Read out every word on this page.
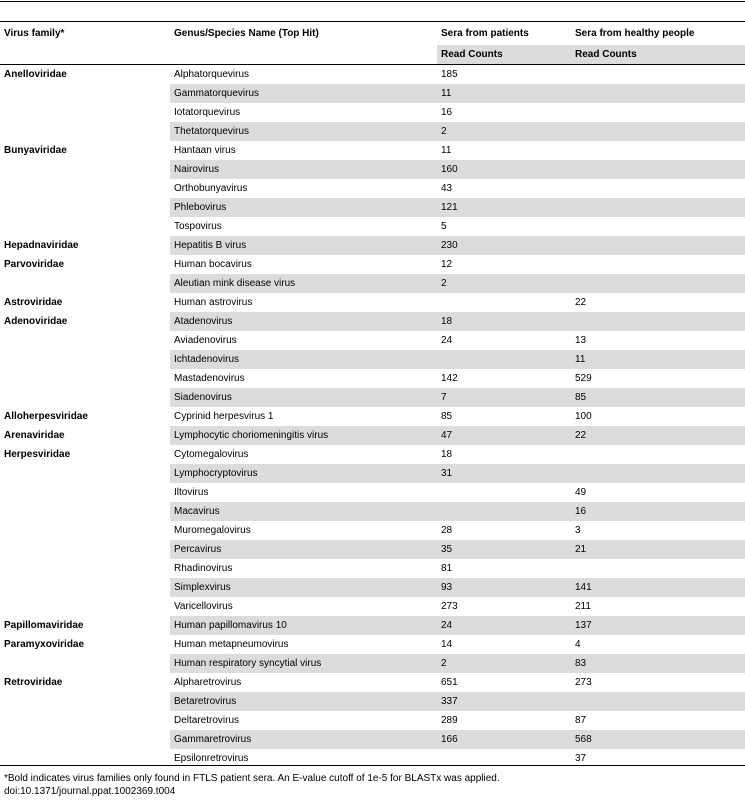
Virus family*	Genus/Species Name (Top Hit)	Sera from patients	Sera from healthy people
		Read Counts	Read Counts
Anelloviridae	Alphatorquevirus	185	
	Gammatorquevirus	11	
	Iotatorquevirus	16	
	Thetatorquevirus	2	
Bunyaviridae	Hantaan virus	11	
	Nairovirus	160	
	Orthobunyavirus	43	
	Phlebovirus	121	
	Tospovirus	5	
Hepadnaviridae	Hepatitis B virus	230	
Parvoviridae	Human bocavirus	12	
	Aleutian mink disease virus	2	
Astroviridae	Human astrovirus		22
Adenoviridae	Atadenovirus	18	
	Aviadenovirus	24	13
	Ichtadenovirus		11
	Mastadenovirus	142	529
	Siadenovirus	7	85
Alloherpesviridae	Cyprinid herpesvirus 1	85	100
Arenaviridae	Lymphocytic choriomeningitis virus	47	22
Herpesviridae	Cytomegalovirus	18	
	Lymphocryptovirus	31	
	Iltovirus		49
	Macavirus		16
	Muromegalovirus	28	3
	Percavirus	35	21
	Rhadinovirus	81	
	Simplexvirus	93	141
	Varicellovirus	273	211
Papillomaviridae	Human papillomavirus 10	24	137
Paramyxoviridae	Human metapneumovirus	14	4
	Human respiratory syncytial virus	2	83
Retroviridae	Alpharetrovirus	651	273
	Betaretrovirus	337	
	Deltaretrovirus	289	87
	Gammaretrovirus	166	568
	Epsilonretrovirus		37
*Bold indicates virus families only found in FTLS patient sera. An E-value cutoff of 1e-5 for BLASTx was applied.
doi:10.1371/journal.ppat.1002369.t004
